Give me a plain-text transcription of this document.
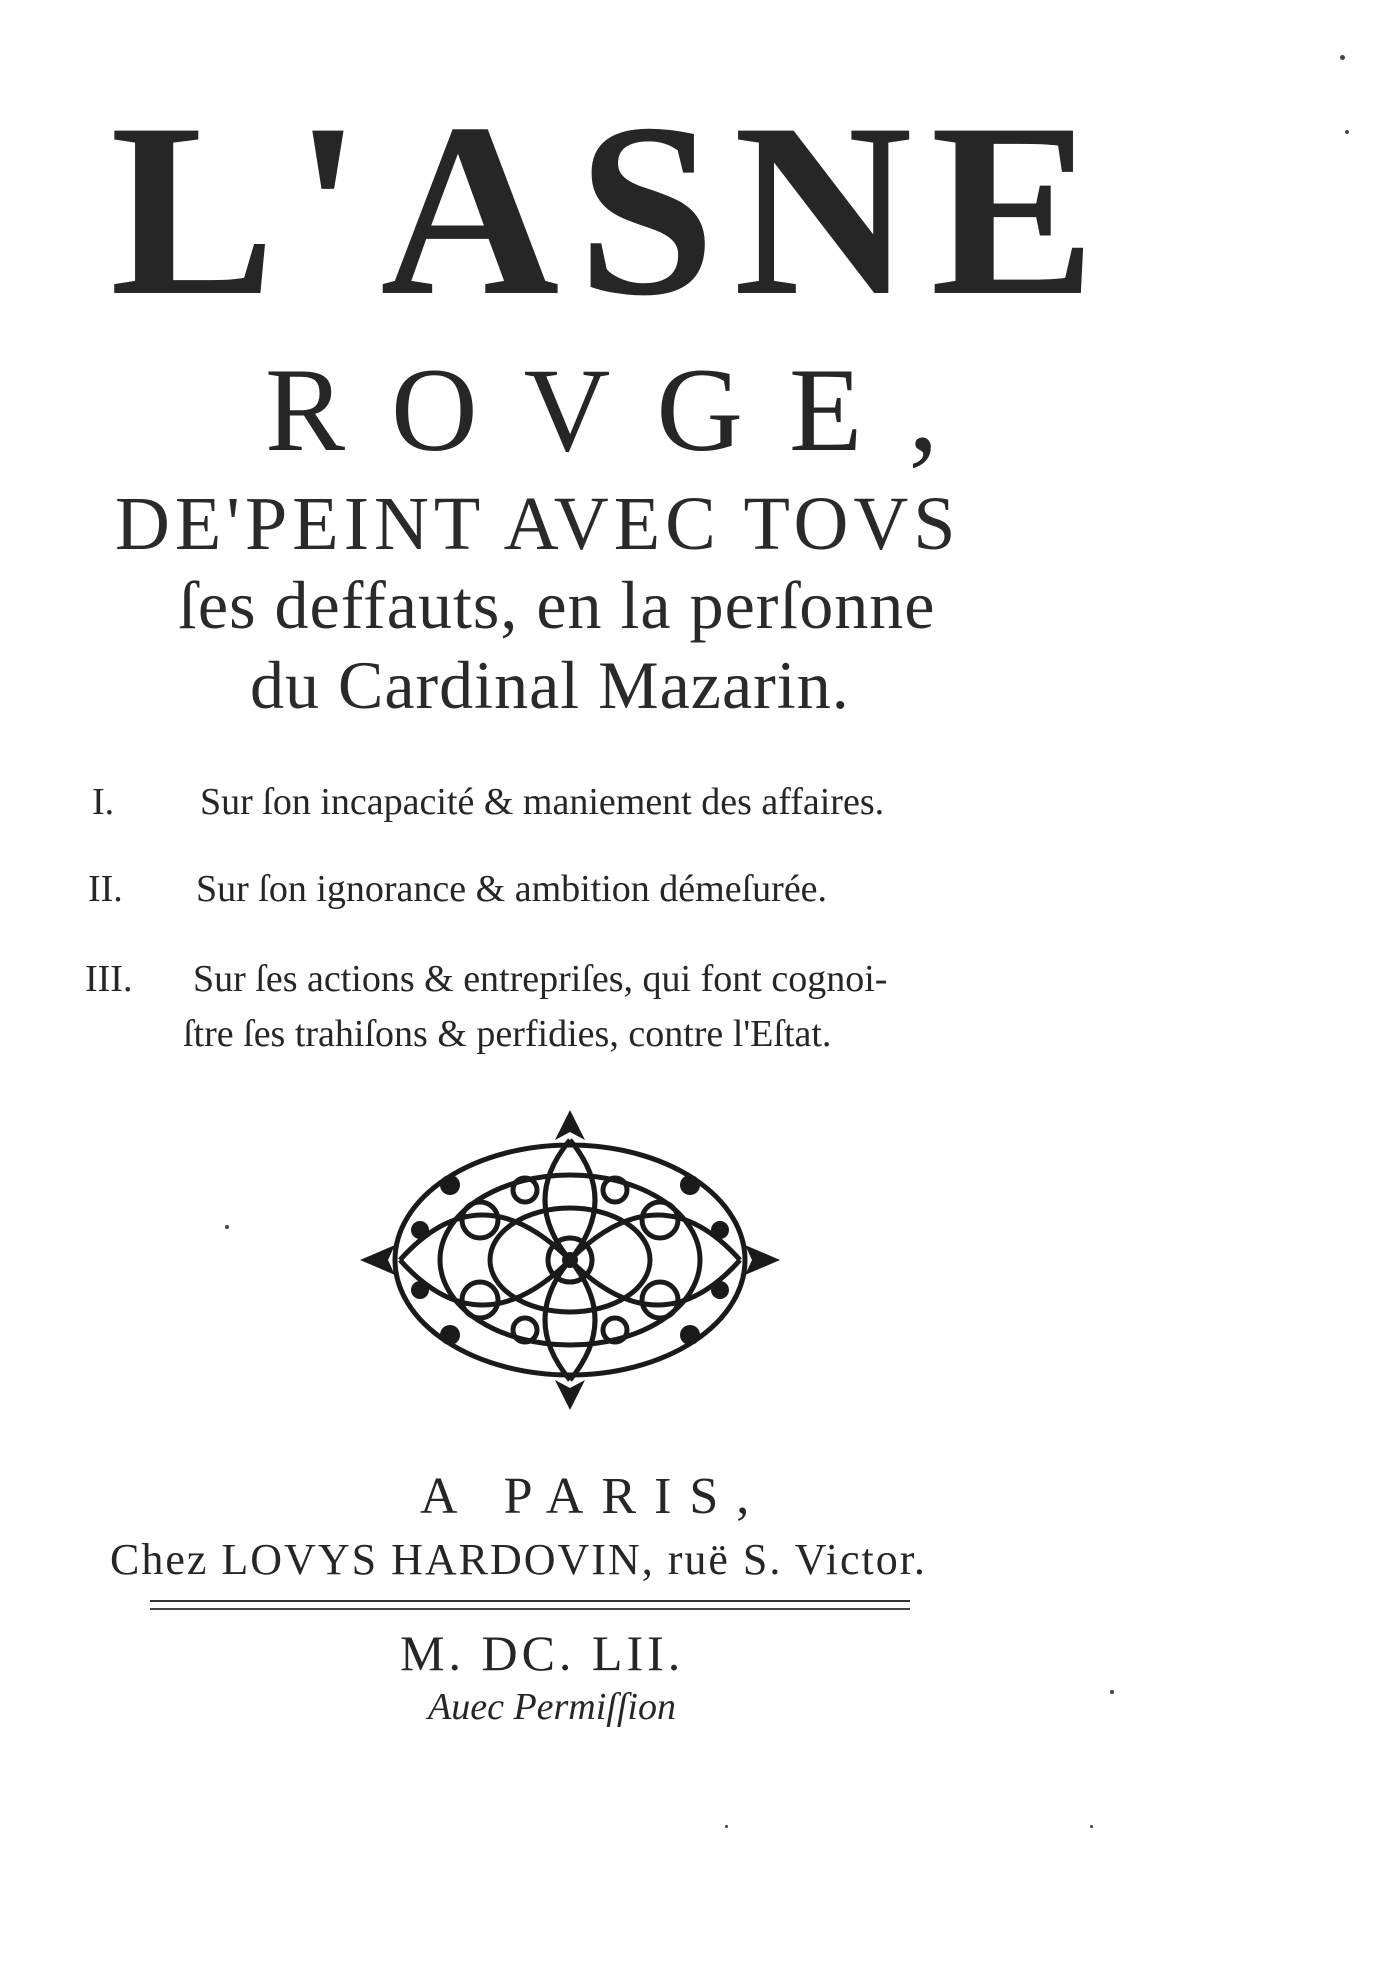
L'ASNE
ROVGE,
DE'PEINT AVEC TOVS
ſes deffauts, en la perſonne
du Cardinal Mazarin.
I. Sur ſon incapacité & maniement des affaires.
II. Sur ſon ignorance & ambition démeſurée.
III. Sur ſes actions & entrepriſes, qui font cognoi-
ſtre ſes trahiſons & perfidies, contre l'Eſtat.
A PARIS,
Chez LOVYS HARDOVIN, ruë S. Victor.
M. DC. LII.
Auec Permiſſion
